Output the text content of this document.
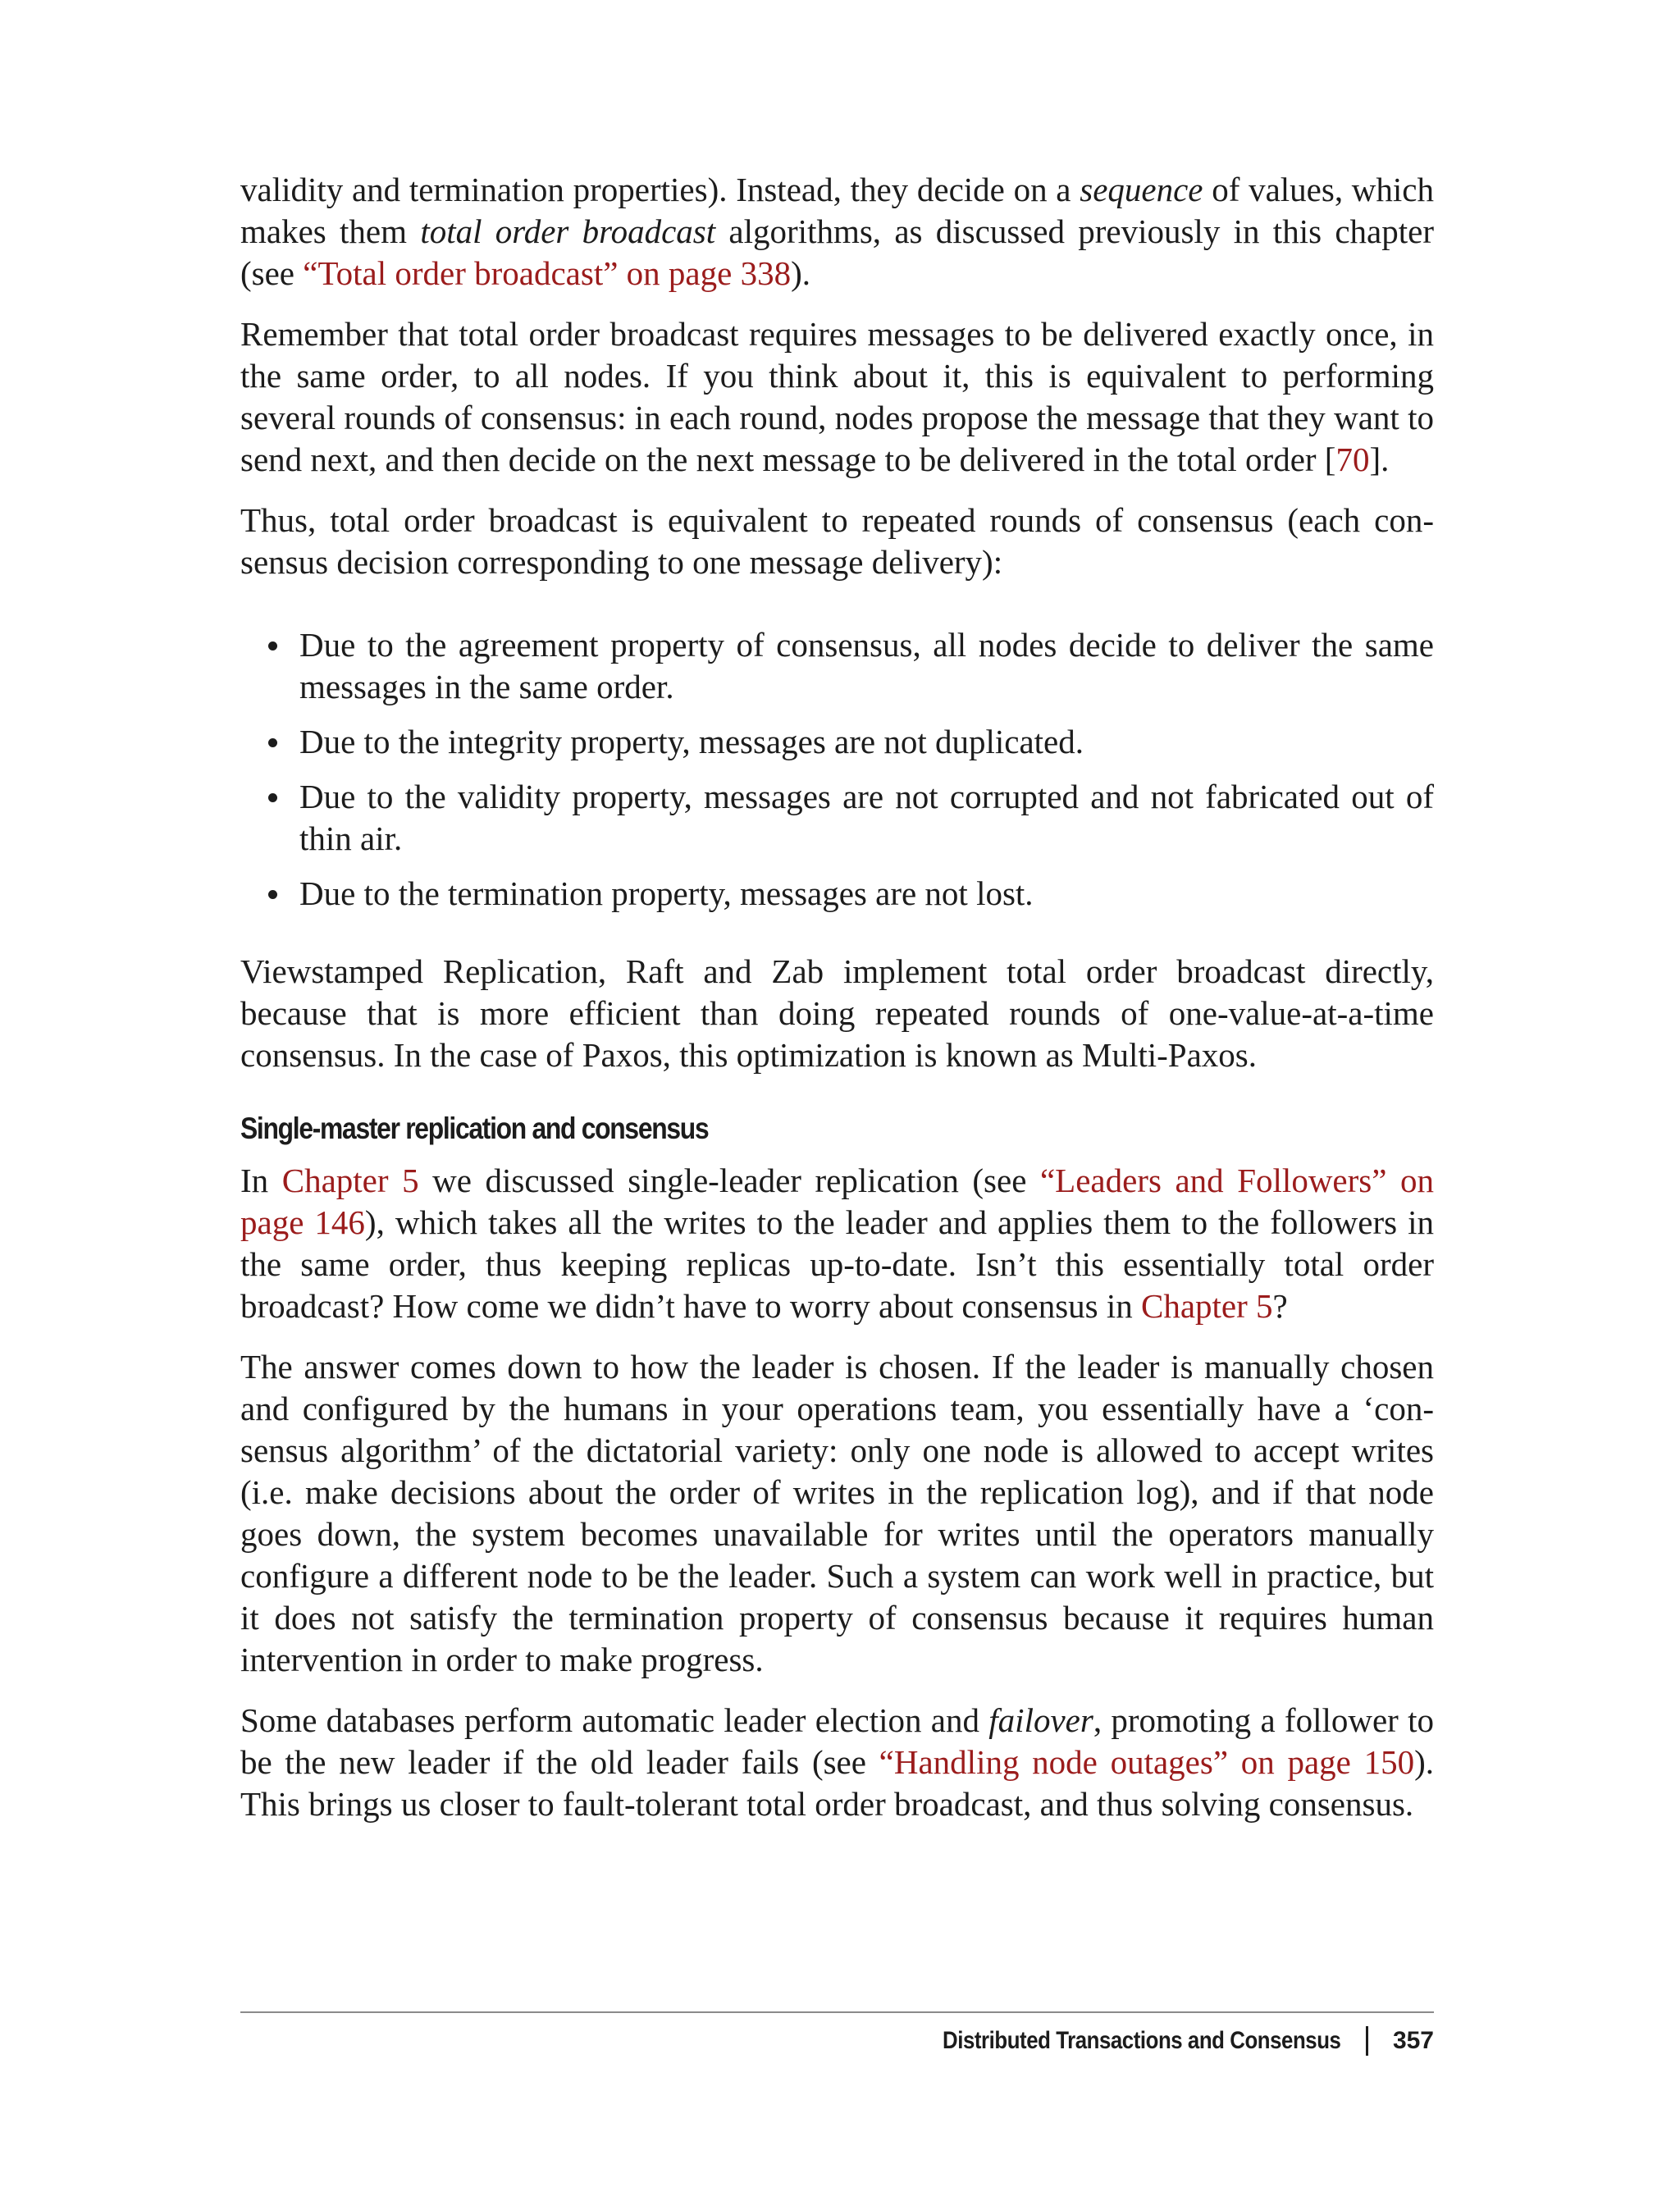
validity and termination properties). Instead, they decide on a sequence of values, which makes them total order broadcast algorithms, as discussed previously in this chapter (see “Total order broadcast” on page 338).

Remember that total order broadcast requires messages to be delivered exactly once, in the same order, to all nodes. If you think about it, this is equivalent to performing several rounds of consensus: in each round, nodes propose the message that they want to send next, and then decide on the next message to be delivered in the total order [70].

Thus, total order broadcast is equivalent to repeated rounds of consensus (each consensus decision corresponding to one message delivery):

Due to the agreement property of consensus, all nodes decide to deliver the same messages in the same order.
Due to the integrity property, messages are not duplicated.
Due to the validity property, messages are not corrupted and not fabricated out of thin air.
Due to the termination property, messages are not lost.

Viewstamped Replication, Raft and Zab implement total order broadcast directly, because that is more efficient than doing repeated rounds of one-value-at-a-time consensus. In the case of Paxos, this optimization is known as Multi-Paxos.

Single-master replication and consensus

In Chapter 5 we discussed single-leader replication (see “Leaders and Followers” on page 146), which takes all the writes to the leader and applies them to the followers in the same order, thus keeping replicas up-to-date. Isn’t this essentially total order broadcast? How come we didn’t have to worry about consensus in Chapter 5?

The answer comes down to how the leader is chosen. If the leader is manually chosen and configured by the humans in your operations team, you essentially have a ‘consensus algorithm’ of the dictatorial variety: only one node is allowed to accept writes (i.e. make decisions about the order of writes in the replication log), and if that node goes down, the system becomes unavailable for writes until the operators manually configure a different node to be the leader. Such a system can work well in practice, but it does not satisfy the termination property of consensus because it requires human intervention in order to make progress.

Some databases perform automatic leader election and failover, promoting a follower to be the new leader if the old leader fails (see “Handling node outages” on page 150). This brings us closer to fault-tolerant total order broadcast, and thus solving consensus.

Distributed Transactions and Consensus 357
